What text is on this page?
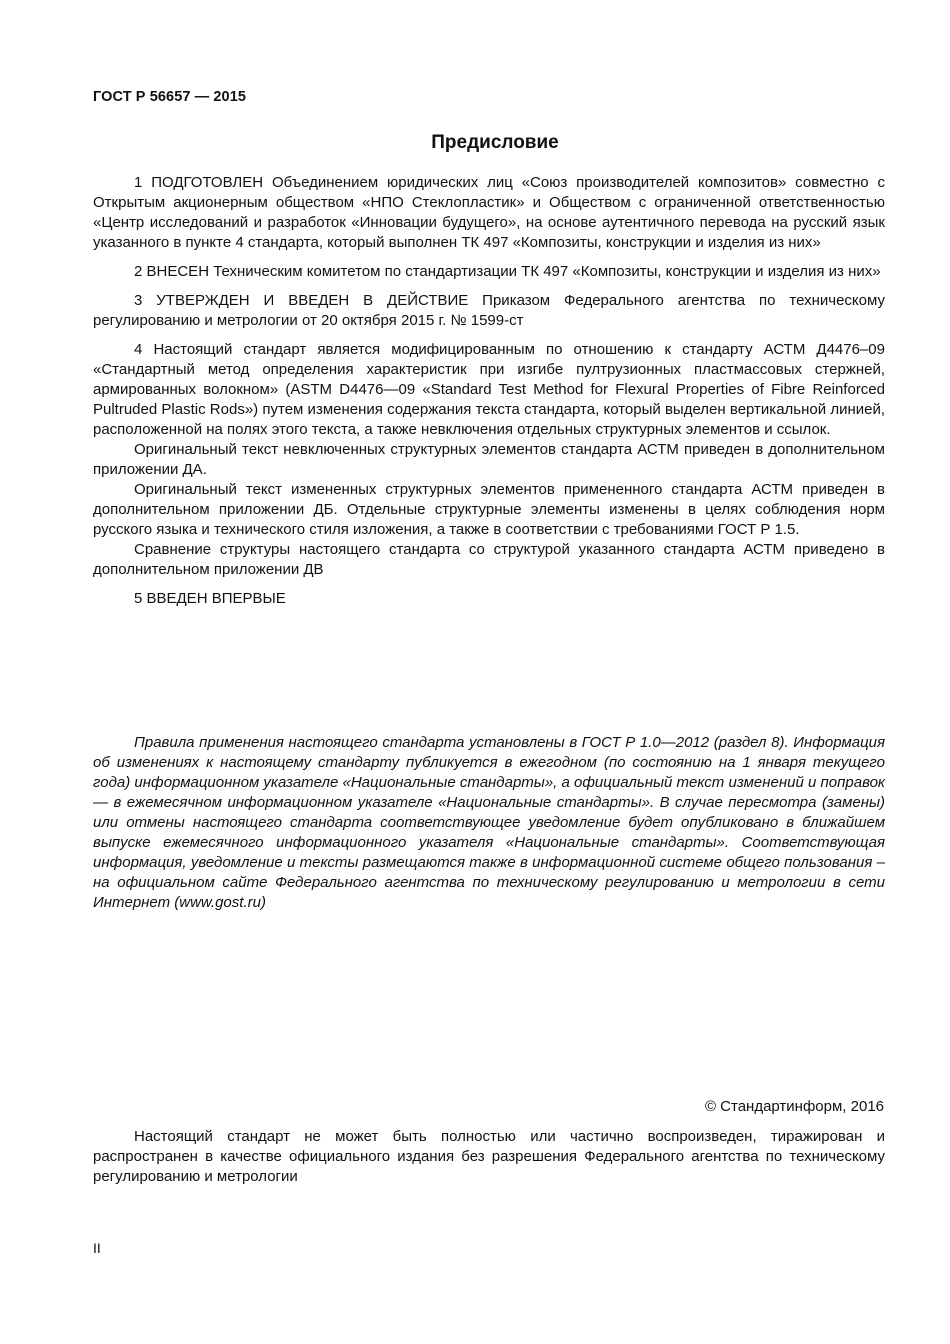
ГОСТ Р 56657 — 2015
Предисловие

1 ПОДГОТОВЛЕН Объединением юридических лиц «Союз производителей композитов» совместно с Открытым акционерным обществом «НПО Стеклопластик» и Обществом с ограниченной ответственностью «Центр исследований и разработок «Инновации будущего», на основе аутентичного перевода на русский язык указанного в пункте 4 стандарта, который выполнен ТК 497 «Композиты, конструкции и изделия из них»

2 ВНЕСЕН Техническим комитетом по стандартизации ТК 497 «Композиты, конструкции и изделия из них»

3 УТВЕРЖДЕН И ВВЕДЕН В ДЕЙСТВИЕ Приказом Федерального агентства по техническому регулированию и метрологии от 20 октября 2015 г. № 1599-ст

4 Настоящий стандарт является модифицированным по отношению к стандарту АСТМ Д4476–09 «Стандартный метод определения характеристик при изгибе пултрузионных пластмассовых стержней, армированных волокном» (ASTM D4476—09 «Standard Test Method for Flexural Properties of Fibre Reinforced Pultruded Plastic Rods») путем изменения содержания текста стандарта, который выделен вертикальной линией, расположенной на полях этого текста, а также невключения отдельных структурных элементов и ссылок.

Оригинальный текст невключенных структурных элементов стандарта АСТМ приведен в дополнительном приложении ДА.

Оригинальный текст измененных структурных элементов примененного стандарта АСТМ приведен в дополнительном приложении ДБ. Отдельные структурные элементы изменены в целях соблюдения норм русского языка и технического стиля изложения, а также в соответствии с требованиями ГОСТ Р 1.5.

Сравнение структуры настоящего стандарта со структурой указанного стандарта АСТМ приведено в дополнительном приложении ДВ

5 ВВЕДЕН ВПЕРВЫЕ

Правила применения настоящего стандарта установлены в ГОСТ Р 1.0—2012 (раздел 8). Информация об изменениях к настоящему стандарту публикуется в ежегодном (по состоянию на 1 января текущего года) информационном указателе «Национальные стандарты», а официальный текст изменений и поправок — в ежемесячном информационном указателе «Национальные стандарты». В случае пересмотра (замены) или отмены настоящего стандарта соответствующее уведомление будет опубликовано в ближайшем выпуске ежемесячного информационного указателя «Национальные стандарты». Соответствующая информация, уведомление и тексты размещаются также в информационной системе общего пользования – на официальном сайте Федерального агентства по техническому регулированию и метрологии в сети Интернет (www.gost.ru)

© Стандартинформ, 2016

Настоящий стандарт не может быть полностью или частично воспроизведен, тиражирован и распространен в качестве официального издания без разрешения Федерального агентства по техническому регулированию и метрологии

II
